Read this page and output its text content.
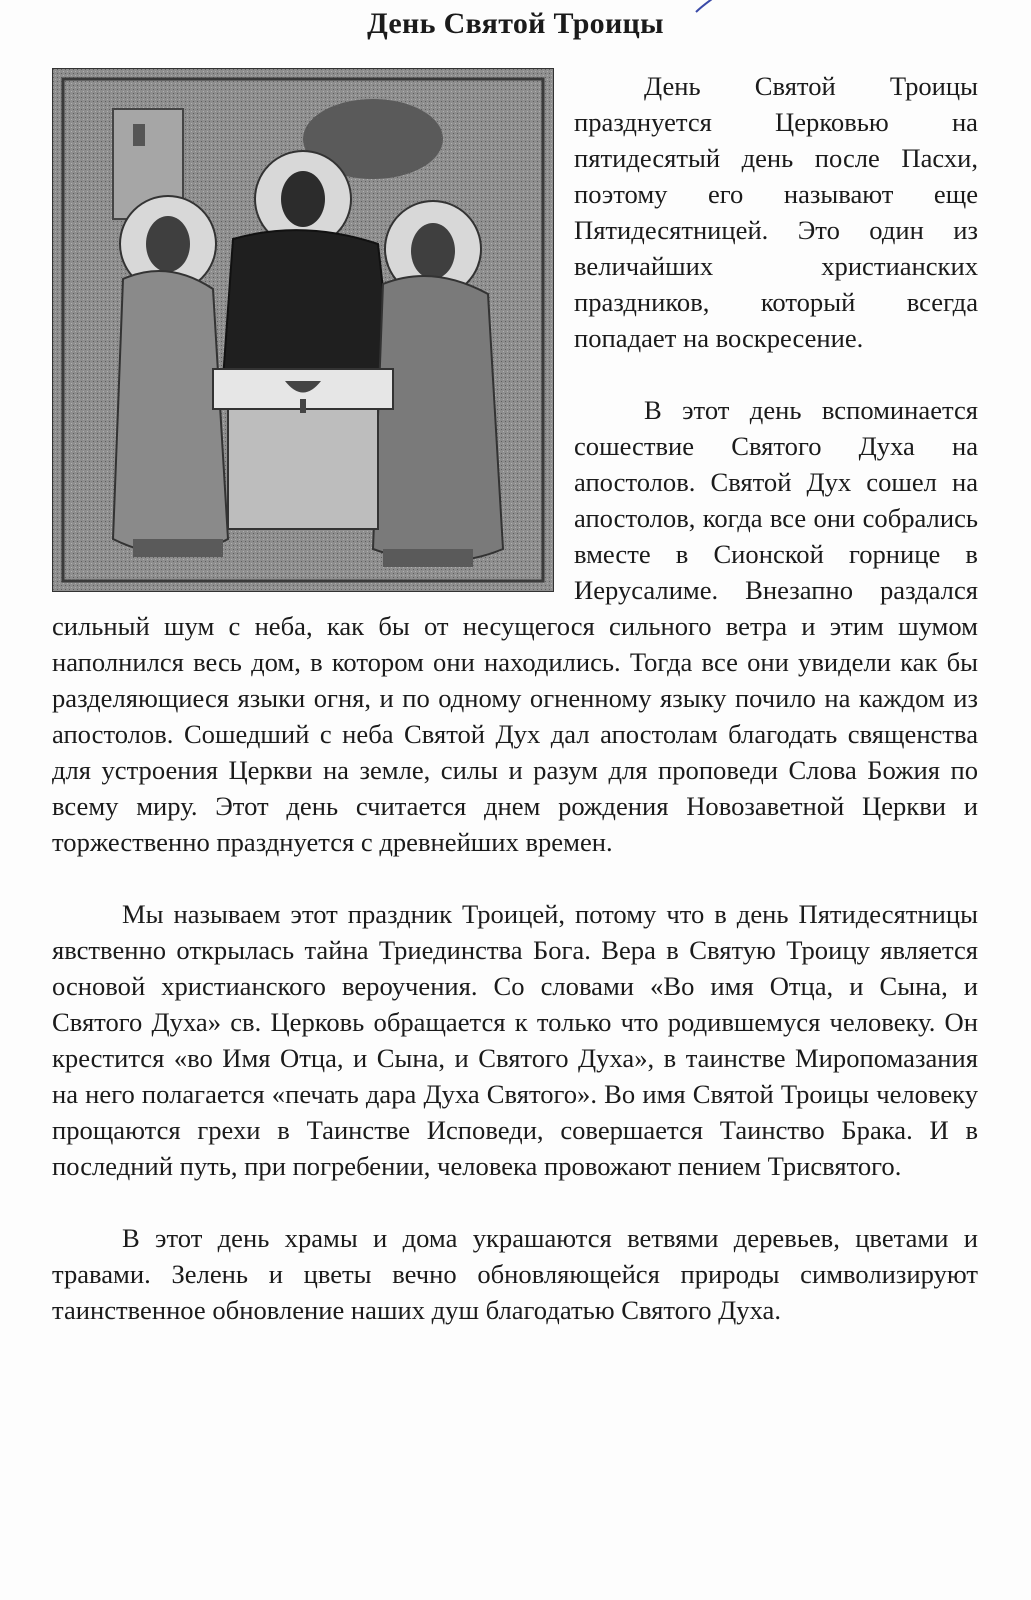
День Святой Троицы

День Святой Троицы празднуется Церковью на пятидесятый день после Пасхи, поэтому его называют еще Пятидесятницей. Это один из величайших христианских праздников, который всегда попадает на воскресение.

В этот день вспоминается сошествие Святого Духа на апостолов. Святой Дух сошел на апостолов, когда все они собрались вместе в Сионской горнице в Иерусалиме. Внезапно раздался сильный шум с неба, как бы от несущегося сильного ветра и этим шумом наполнился весь дом, в котором они находились. Тогда все они увидели как бы разделяющиеся языки огня, и по одному огненному языку почило на каждом из апостолов. Сошедший с неба Святой Дух дал апостолам благодать священства для устроения Церкви на земле, силы и разум для проповеди Слова Божия по всему миру. Этот день считается днем рождения Новозаветной Церкви и торжественно празднуется с древнейших времен.

Мы называем этот праздник Троицей, потому что в день Пятидесятницы явственно открылась тайна Триединства Бога. Вера в Святую Троицу является основой христианского вероучения. Со словами «Во имя Отца, и Сына, и Святого Духа» св. Церковь обращается к только что родившемуся человеку. Он крестится «во Имя Отца, и Сына, и Святого Духа», в таинстве Миропомазания на него полагается «печать дара Духа Святого». Во имя Святой Троицы человеку прощаются грехи в Таинстве Исповеди, совершается Таинство Брака. И в последний путь, при погребении, человека провожают пением Трисвятого.

В этот день храмы и дома украшаются ветвями деревьев, цветами и травами. Зелень и цветы вечно обновляющейся природы символизируют таинственное обновление наших душ благодатью Святого Духа.
